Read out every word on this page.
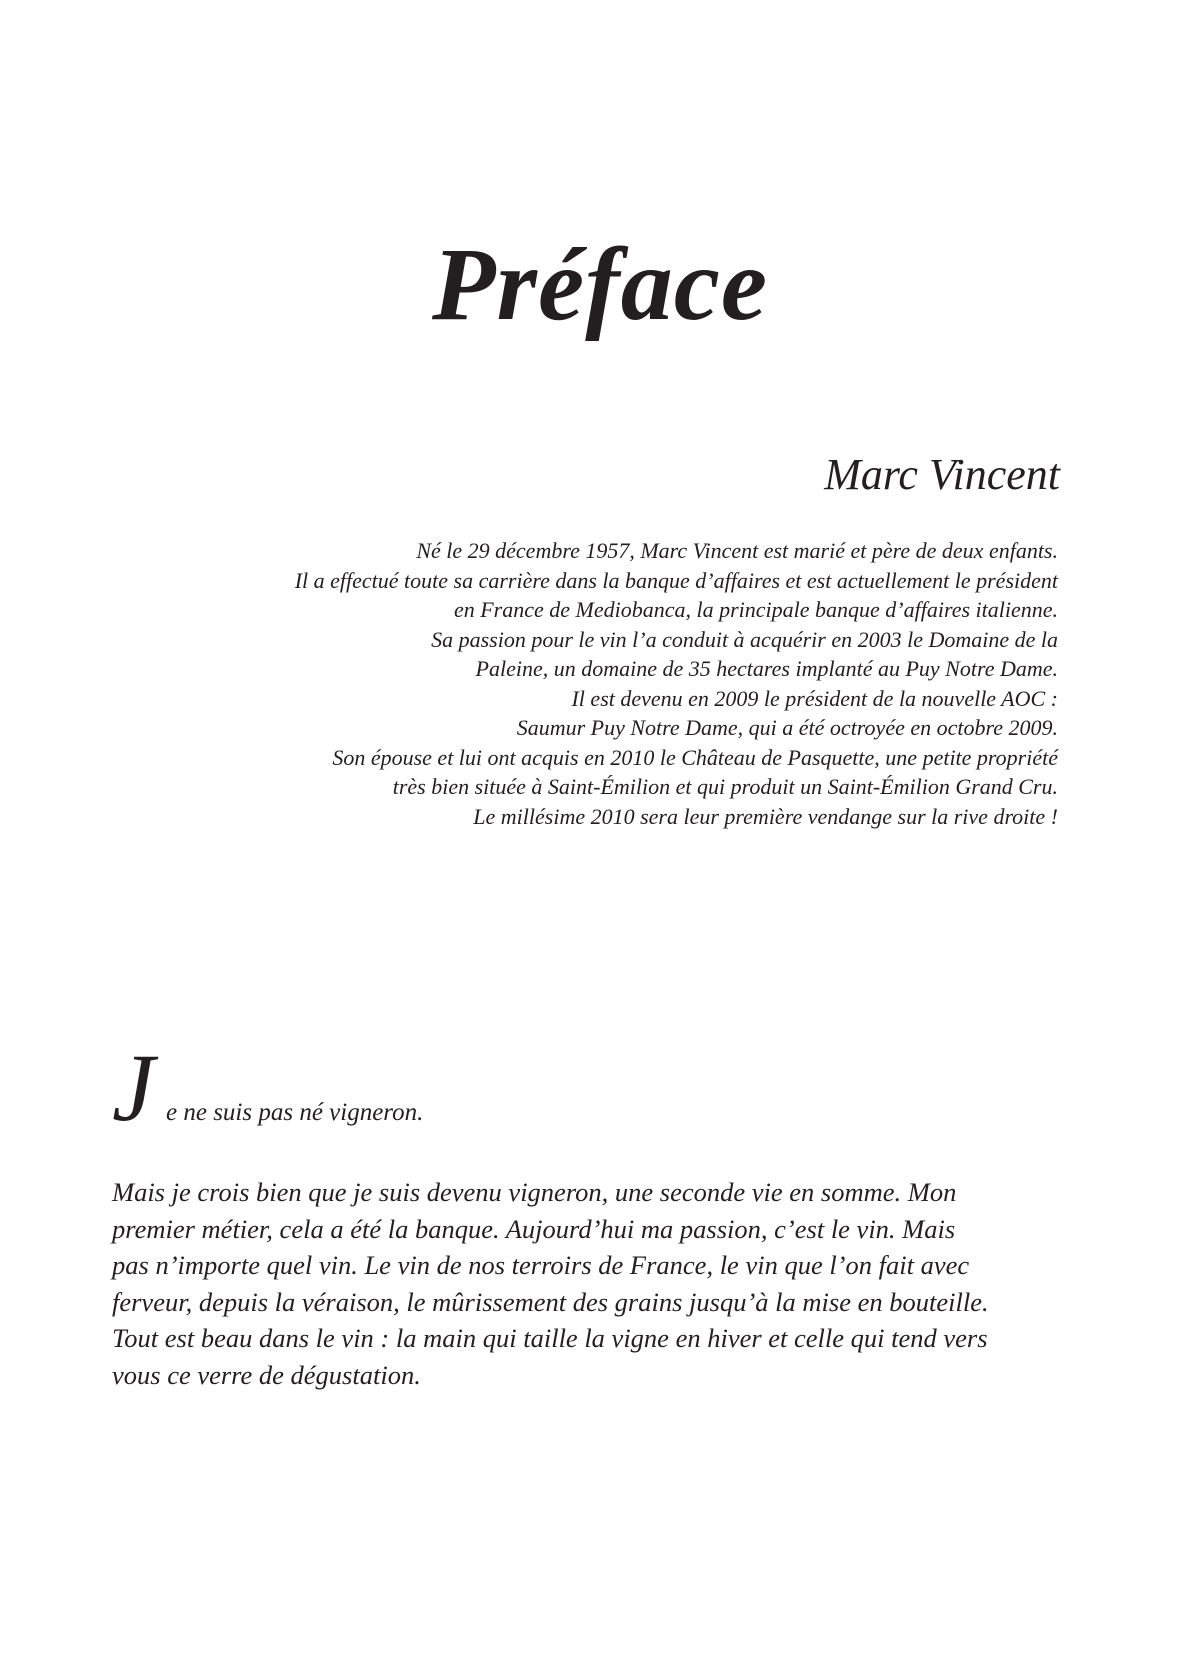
Préface
Marc Vincent
Né le 29 décembre 1957, Marc Vincent est marié et père de deux enfants.
Il a effectué toute sa carrière dans la banque d’affaires et est actuellement le président
en France de Mediobanca, la principale banque d’affaires italienne.
Sa passion pour le vin l’a conduit à acquérir en 2003 le Domaine de la
Paleine, un domaine de 35 hectares implanté au Puy Notre Dame.
Il est devenu en 2009 le président de la nouvelle AOC :
Saumur Puy Notre Dame, qui a été octroyée en octobre 2009.
Son épouse et lui ont acquis en 2010 le Château de Pasquette, une petite propriété
très bien située à Saint-Émilion et qui produit un Saint-Émilion Grand Cru.
Le millésime 2010 sera leur première vendange sur la rive droite !
J e ne suis pas né vigneron.
Mais je crois bien que je suis devenu vigneron, une seconde vie en somme. Mon
premier métier, cela a été la banque. Aujourd’hui ma passion, c’est le vin. Mais
pas n’importe quel vin. Le vin de nos terroirs de France, le vin que l’on fait avec
ferveur, depuis la véraison, le mûrissement des grains jusqu’à la mise en bouteille.
Tout est beau dans le vin : la main qui taille la vigne en hiver et celle qui tend vers
vous ce verre de dégustation.
